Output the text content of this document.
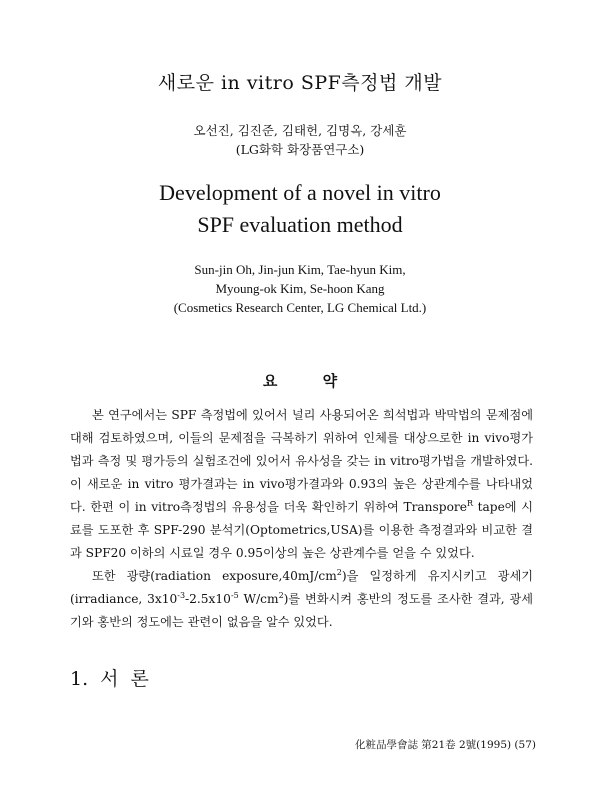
새로운 in vitro SPF측정법 개발
오선진, 김진준, 김태헌, 김명옥, 강세훈
(LG화학 화장품연구소)
Development of a novel in vitro
SPF evaluation method
Sun-jin Oh, Jin-jun Kim, Tae-hyun Kim,
Myoung-ok Kim, Se-hoon Kang
(Cosmetics Research Center, LG Chemical Ltd.)
요 약

본 연구에서는 SPF 측정법에 있어서 널리 사용되어온 희석법과 박막법의 문제점에 대해 검토하였으며, 이들의 문제점을 극복하기 위하여 인체를 대상으로한 in vivo평가법과 측정 및 평가등의 실험조건에 있어서 유사성을 갖는 in vitro평가법을 개발하였다. 이 새로운 in vitro 평가결과는 in vivo평가결과와 0.93의 높은 상관계수를 나타내었다. 한편 이 in vitro측정법의 유용성을 더욱 확인하기 위하여 Transpore$^R$ tape에 시료를 도포한 후 SPF-290 분석기(Optometrics,USA)를 이용한 측정결과와 비교한 결과 SPF20 이하의 시료일 경우 0.95이상의 높은 상관계수를 얻을 수 있었다.

또한 광량(radiation $exposure,40mJ/cm^2$)을 일정하게 유지시키고 광세기(irradiance, $3x10^{-3}-2.5x10^{-5}$ $W/cm^2$)를 변화시켜 홍반의 정도를 조사한 결과, 광세기와 홍반의 정도에는 관련이 없음을 알수 있었다.

1. 서 론
化粧品學會誌 第21卷 2號(1995) (57)
